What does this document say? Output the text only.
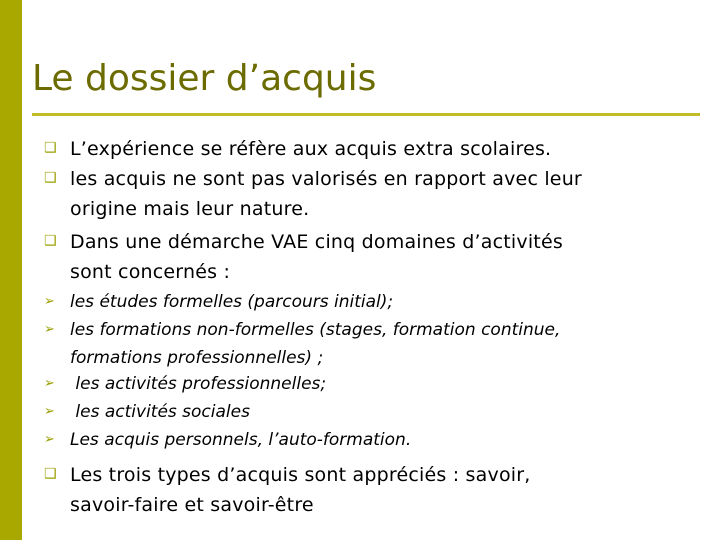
Le dossier d’acquis
❑ L’expérience se réfère aux acquis extra scolaires.
❑ les acquis ne sont pas valorisés en rapport avec leur
origine mais leur nature.
❑ Dans une démarche VAE cinq domaines d’activités
sont concernés :
➢ les études formelles (parcours initial);
➢ les formations non-formelles (stages, formation continue,
formations professionnelles) ;
➢ les activités professionnelles;
➢ les activités sociales
➢ Les acquis personnels, l’auto-formation.
❑ Les trois types d’acquis sont appréciés : savoir,
savoir-faire et savoir-être
